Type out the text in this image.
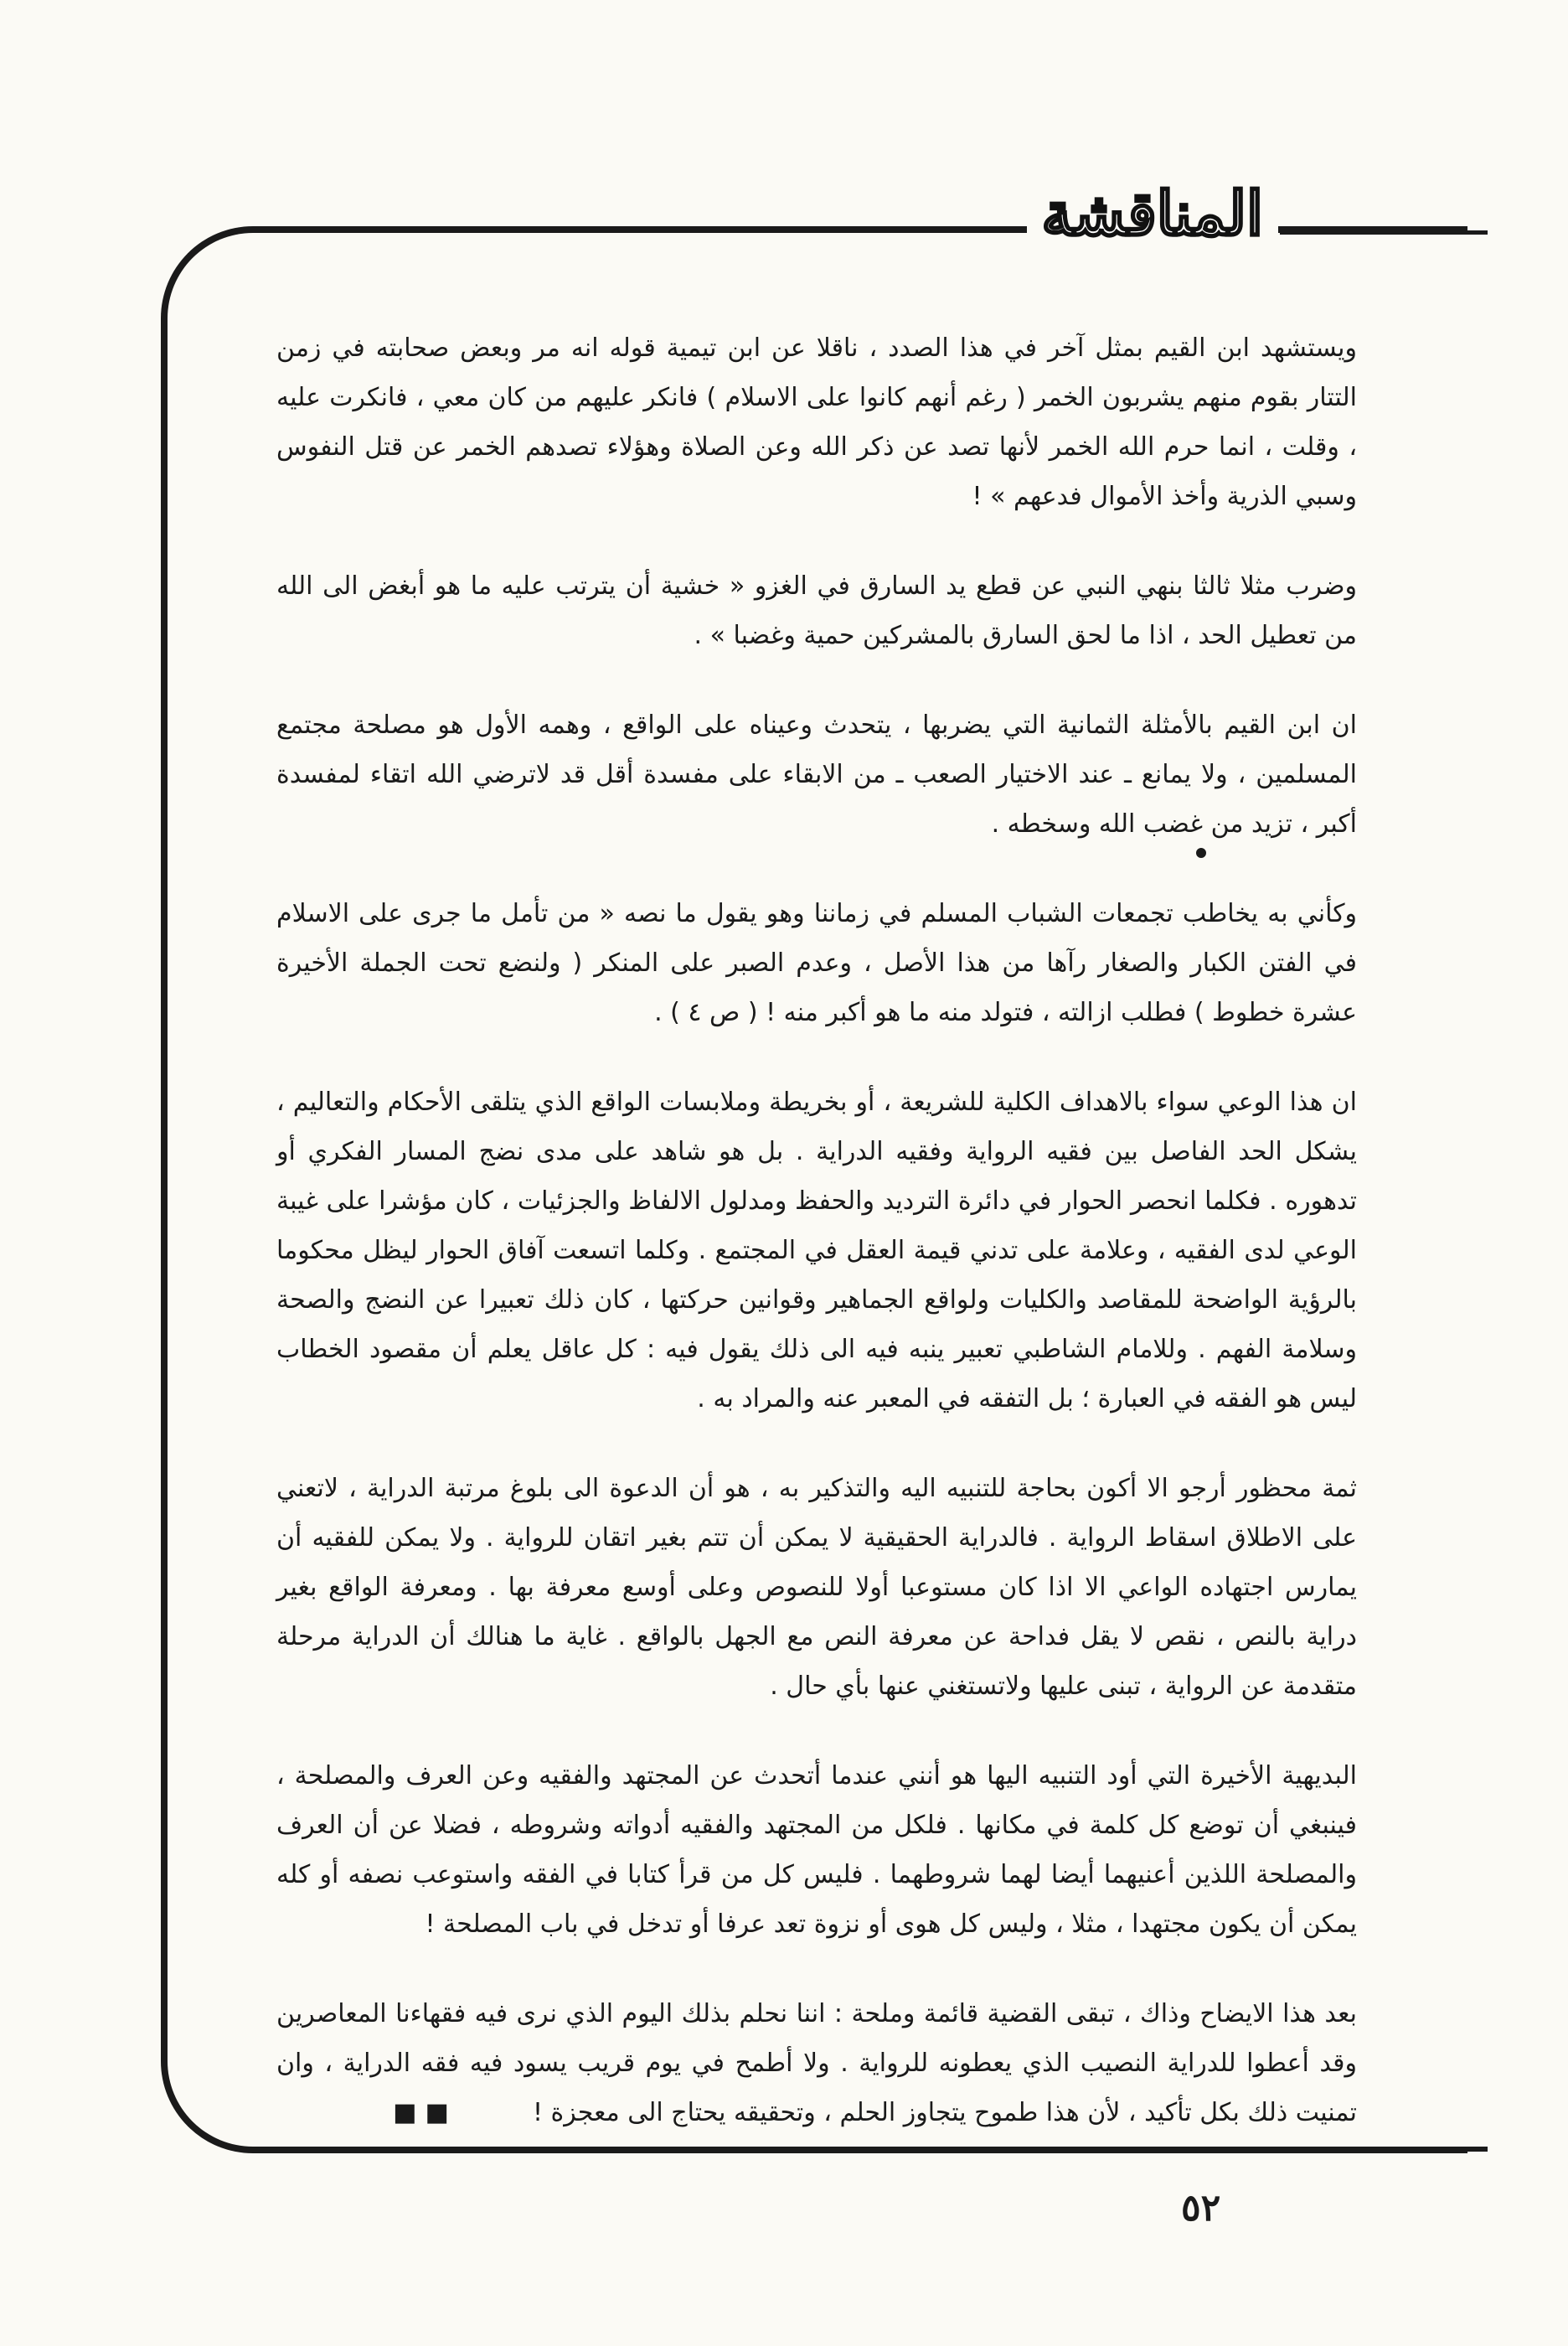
المناقشة

ويستشهد ابن القيم بمثل آخر في هذا الصدد ، ناقلا عن ابن تيمية قوله انه مر وبعض صحابته في زمن التتار بقوم منهم يشربون الخمر ( رغم أنهم كانوا على الاسلام ) فانكر عليهم من كان معي ، فانكرت عليه ، وقلت ، انما حرم الله الخمر لأنها تصد عن ذكر الله وعن الصلاة وهؤلاء تصدهم الخمر عن قتل النفوس وسبي الذرية وأخذ الأموال فدعهم » !

وضرب مثلا ثالثا بنهي النبي عن قطع يد السارق في الغزو « خشية أن يترتب عليه ما هو أبغض الى الله من تعطيل الحد ، اذا ما لحق السارق بالمشركين حمية وغضبا » .

ان ابن القيم بالأمثلة الثمانية التي يضربها ، يتحدث وعيناه على الواقع ، وهمه الأول هو مصلحة مجتمع المسلمين ، ولا يمانع ـ عند الاختيار الصعب ـ من الابقاء على مفسدة أقل قد لاترضي الله اتقاء لمفسدة أكبر ، تزيد من غضب الله وسخطه .

وكأني به يخاطب تجمعات الشباب المسلم في زماننا وهو يقول ما نصه « من تأمل ما جرى على الاسلام في الفتن الكبار والصغار رآها من هذا الأصل ، وعدم الصبر على المنكر ( ولنضع تحت الجملة الأخيرة عشرة خطوط ) فطلب ازالته ، فتولد منه ما هو أكبر منه ! ( ص ٤ ) .

ان هذا الوعي سواء بالاهداف الكلية للشريعة ، أو بخريطة وملابسات الواقع الذي يتلقى الأحكام والتعاليم ، يشكل الحد الفاصل بين فقيه الرواية وفقيه الدراية . بل هو شاهد على مدى نضج المسار الفكري أو تدهوره . فكلما انحصر الحوار في دائرة الترديد والحفظ ومدلول الالفاظ والجزئيات ، كان مؤشرا على غيبة الوعي لدى الفقيه ، وعلامة على تدني قيمة العقل في المجتمع . وكلما اتسعت آفاق الحوار ليظل محكوما بالرؤية الواضحة للمقاصد والكليات ولواقع الجماهير وقوانين حركتها ، كان ذلك تعبيرا عن النضج والصحة وسلامة الفهم . وللامام الشاطبي تعبير ينبه فيه الى ذلك يقول فيه : كل عاقل يعلم أن مقصود الخطاب ليس هو الفقه في العبارة ؛ بل التفقه في المعبر عنه والمراد به .

ثمة محظور أرجو الا أكون بحاجة للتنبيه اليه والتذكير به ، هو أن الدعوة الى بلوغ مرتبة الدراية ، لاتعني على الاطلاق اسقاط الرواية . فالدراية الحقيقية لا يمكن أن تتم بغير اتقان للرواية . ولا يمكن للفقيه أن يمارس اجتهاده الواعي الا اذا كان مستوعبا أولا للنصوص وعلى أوسع معرفة بها . ومعرفة الواقع بغير دراية بالنص ، نقص لا يقل فداحة عن معرفة النص مع الجهل بالواقع . غاية ما هنالك أن الدراية مرحلة متقدمة عن الرواية ، تبنى عليها ولاتستغني عنها بأي حال .

البديهية الأخيرة التي أود التنبيه اليها هو أنني عندما أتحدث عن المجتهد والفقيه وعن العرف والمصلحة ، فينبغي أن توضع كل كلمة في مكانها . فلكل من المجتهد والفقيه أدواته وشروطه ، فضلا عن أن العرف والمصلحة اللذين أعنيهما أيضا لهما شروطهما . فليس كل من قرأ كتابا في الفقه واستوعب نصفه أو كله يمكن أن يكون مجتهدا ، مثلا ، وليس كل هوى أو نزوة تعد عرفا أو تدخل في باب المصلحة !

بعد هذا الايضاح وذاك ، تبقى القضية قائمة وملحة : اننا نحلم بذلك اليوم الذي نرى فيه فقهاءنا المعاصرين وقد أعطوا للدراية النصيب الذي يعطونه للرواية . ولا أطمح في يوم قريب يسود فيه فقه الدراية ، وان تمنيت ذلك بكل تأكيد ، لأن هذا طموح يتجاوز الحلم ، وتحقيقه يحتاج الى معجزة !■■

٥٢
